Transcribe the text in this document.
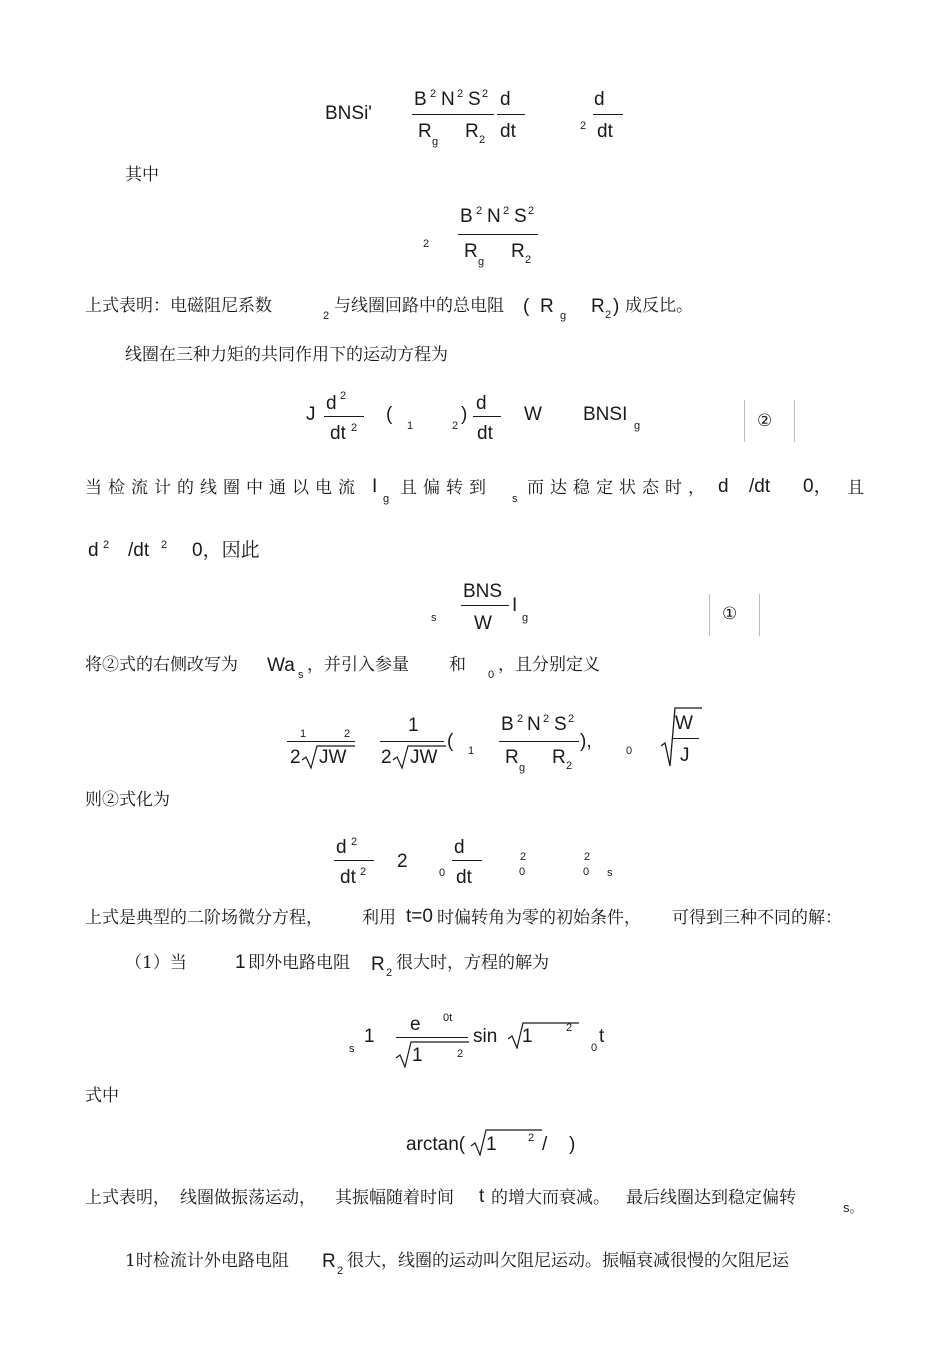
BNSi'
B 2 N 2 S 2
R g R 2
d
dt	2
d
dt
其中
2
B 2 N 2 S 2
R g R 2
上式表明：电磁阻尼系数	2 与线圈回路中的总电阻 ( R g R 2 ) 成反比。
线圈在三种力矩的共同作用下的运动方程为
J
d 2
dt 2
(
1	2
)
d
dt
W BNSI
g	②
当检流计的线圈中通以电流 I
g
且偏转到
s
而达稳定状态时， d /dt 0， 且
d 2 /dt 2 0，因此
s
BNS
W
I
g	①
将②式的右侧改写为 Wa s ，并引入参量 和 0 ，且分别定义
1	2
2 JW
1
2 JW
( 1
B 2 N 2 S 2
R g R 2
),	0
W
J
则②式化为
d 2
dt 2 2
0
d
dt
2
0
2
0 s
上式是典型的二阶场微分方程， 利用 t=0 时偏转角为零的初始条件， 可得到三种不同的解：
（1）当	1 即外电路电阻 R 2 很大时，方程的解为
s
1
e 0t
1	2
sin 1	2
0
t
式中
arctan( 1	2 / )
上式表明， 线圈做振荡运动， 其振幅随着时间 t 的增大而衰减。 最后线圈达到稳定偏转	s。
1时检流计外电路电阻 R 2 很大，线圈的运动叫欠阻尼运动。振幅衰减很慢的欠阻尼运
